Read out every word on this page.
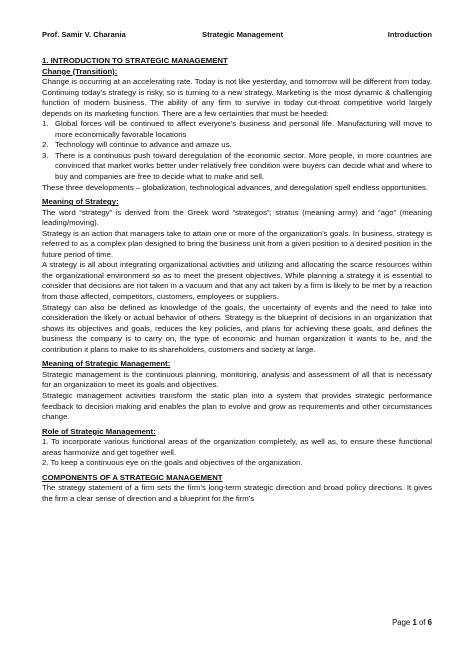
Prof. Samir V. Charania	Strategic Management	Introduction

1. INTRODUCTION TO STRATEGIC MANAGEMENT

Change (Transition):

Change is occurring at an accelerating rate. Today is not like yesterday, and tomorrow will be different from today. Continuing today’s strategy is risky, so is turning to a new strategy. Marketing is the most dynamic & challenging function of modern business. The ability of any firm to survive in today cut-throat competitive world largely depends on its marketing function. There are a few certainties that must be heeded:

1. Global forces will be continued to affect everyone’s business and personal life. Manufacturing will move to more economically favorable locations
2. Technology will continue to advance and amaze us.
3. There is a continuous push toward deregulation of the economic sector. More people, in more countries are convinced that market works better under relatively free condition were buyers can decide what and where to buy and companies are free to decide what to make and sell.

These three developments – globalization, technological advances, and deregulation spell endless opportunities.

Meaning of Strategy:

The word “strategy” is derived from the Greek word “strategos”; stratus (meaning army) and “ago” (meaning leading/moving).

Strategy is an action that managers take to attain one or more of the organization’s goals. In business, strategy is referred to as a complex plan designed to bring the business unit from a given position to a desired position in the future period of time.

A strategy is all about integrating organizational activities and utilizing and allocating the scarce resources within the organizational environment so as to meet the present objectives. While planning a strategy it is essential to consider that decisions are not taken in a vacuum and that any act taken by a firm is likely to be met by a reaction from those affected, competitors, customers, employees or suppliers.

Strategy can also be defined as knowledge of the goals, the uncertainty of events and the need to take into consideration the likely or actual behavior of others. Strategy is the blueprint of decisions in an organization that shows its objectives and goals, reduces the key policies, and plans for achieving these goals, and defines the business the company is to carry on, the type of economic and human organization it wants to be, and the contribution it plans to make to its shareholders, customers and society at large.

Meaning of Strategic Management:

Strategic management is the continuous planning, monitoring, analysis and assessment of all that is necessary for an organization to meet its goals and objectives.

Strategic management activities transform the static plan into a system that provides strategic performance feedback to decision making and enables the plan to evolve and grow as requirements and other circumstances change.

Role of Strategic Management:

1. To incorporate various functional areas of the organization completely, as well as, to ensure these functional areas harmonize and get together well.

2. To keep a continuous eye on the goals and objectives of the organization.

COMPONENTS OF A STRATEGIC MANAGEMENT

The strategy statement of a firm sets the firm’s long-term strategic direction and broad policy directions. It gives the firm a clear sense of direction and a blueprint for the firm’s

Page 1 of 6
